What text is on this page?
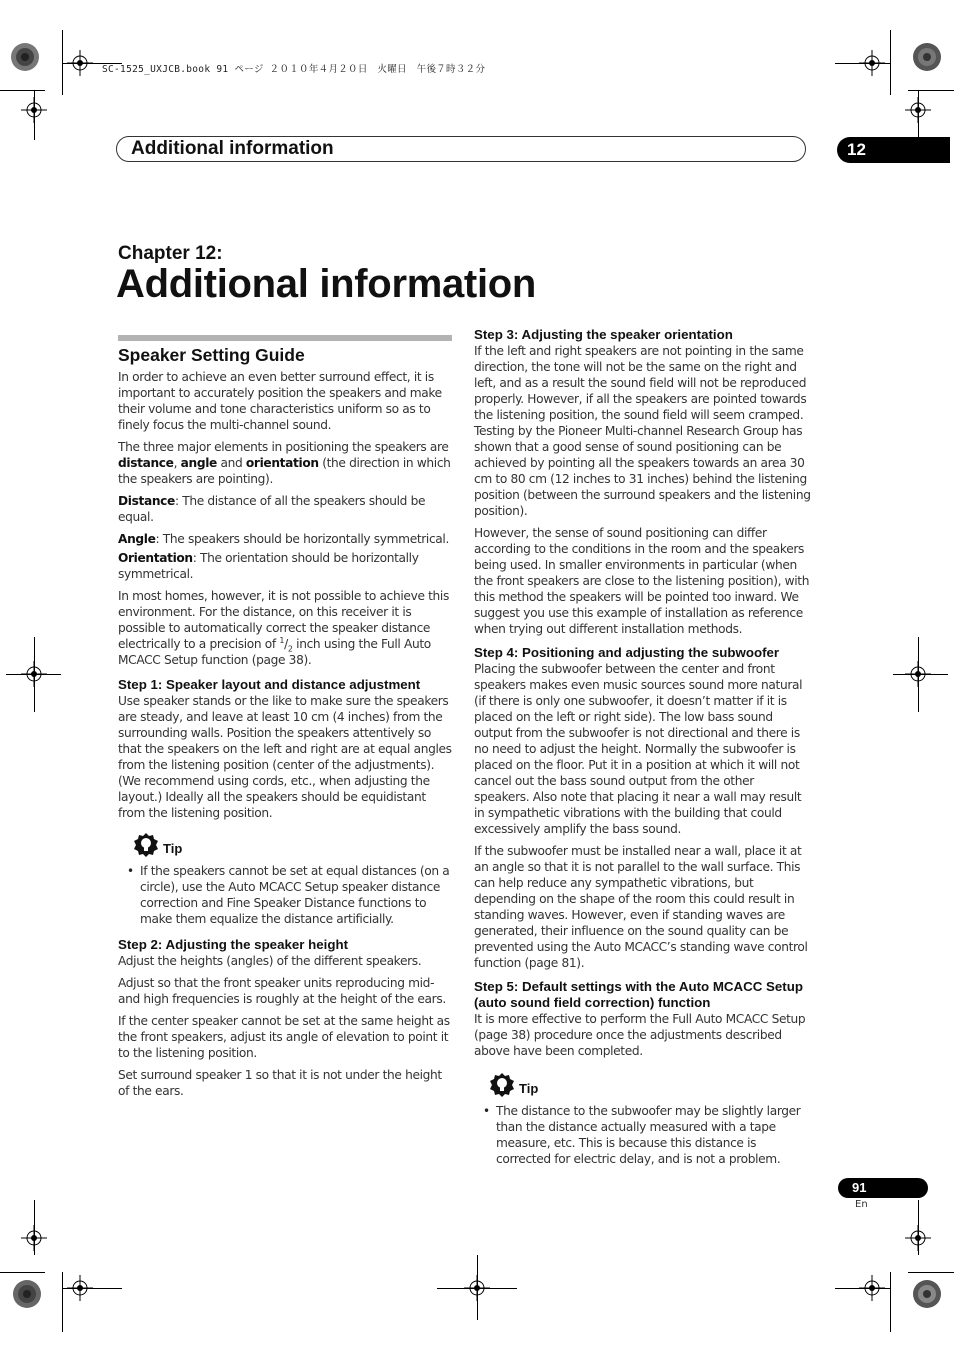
SC-1525_UXJCB.book 91 ページ ２０１０年４月２０日　火曜日　午後７時３２分
Additional information	12
Chapter 12:
Additional information
Speaker Setting Guide

In order to achieve an even better surround effect, it is important to accurately position the speakers and make their volume and tone characteristics uniform so as to finely focus the multi-channel sound.

The three major elements in positioning the speakers are distance, angle and orientation (the direction in which the speakers are pointing).

Distance: The distance of all the speakers should be equal.

Angle: The speakers should be horizontally symmetrical.

Orientation: The orientation should be horizontally symmetrical.

In most homes, however, it is not possible to achieve this environment. For the distance, on this receiver it is possible to automatically correct the speaker distance electrically to a precision of $^1/_2$ inch using the Full Auto MCACC Setup function (page 38).

Step 1: Speaker layout and distance adjustment

Use speaker stands or the like to make sure the speakers are steady, and leave at least 10 cm (4 inches) from the surrounding walls. Position the speakers attentively so that the speakers on the left and right are at equal angles from the listening position (center of the adjustments). (We recommend using cords, etc., when adjusting the layout.) Ideally all the speakers should be equidistant from the listening position.

Tip
• If the speakers cannot be set at equal distances (on a circle), use the Auto MCACC Setup speaker distance correction and Fine Speaker Distance functions to make them equalize the distance artificially.

Step 2: Adjusting the speaker height

Adjust the heights (angles) of the different speakers.

Adjust so that the front speaker units reproducing mid- and high frequencies is roughly at the height of the ears.

If the center speaker cannot be set at the same height as the front speakers, adjust its angle of elevation to point it to the listening position.

Set surround speaker 1 so that it is not under the height of the ears.

Step 3: Adjusting the speaker orientation

If the left and right speakers are not pointing in the same direction, the tone will not be the same on the right and left, and as a result the sound field will not be reproduced properly. However, if all the speakers are pointed towards the listening position, the sound field will seem cramped. Testing by the Pioneer Multi-channel Research Group has shown that a good sense of sound positioning can be achieved by pointing all the speakers towards an area 30 cm to 80 cm (12 inches to 31 inches) behind the listening position (between the surround speakers and the listening position).

However, the sense of sound positioning can differ according to the conditions in the room and the speakers being used. In smaller environments in particular (when the front speakers are close to the listening position), with this method the speakers will be pointed too inward. We suggest you use this example of installation as reference when trying out different installation methods.

Step 4: Positioning and adjusting the subwoofer

Placing the subwoofer between the center and front speakers makes even music sources sound more natural (if there is only one subwoofer, it doesn’t matter if it is placed on the left or right side). The low bass sound output from the subwoofer is not directional and there is no need to adjust the height. Normally the subwoofer is placed on the floor. Put it in a position at which it will not cancel out the bass sound output from the other speakers. Also note that placing it near a wall may result in sympathetic vibrations with the building that could excessively amplify the bass sound.

If the subwoofer must be installed near a wall, place it at an angle so that it is not parallel to the wall surface. This can help reduce any sympathetic vibrations, but depending on the shape of the room this could result in standing waves. However, even if standing waves are generated, their influence on the sound quality can be prevented using the Auto MCACC’s standing wave control function (page 81).

Step 5: Default settings with the Auto MCACC Setup (auto sound field correction) function

It is more effective to perform the Full Auto MCACC Setup (page 38) procedure once the adjustments described above have been completed.

Tip
• The distance to the subwoofer may be slightly larger than the distance actually measured with a tape measure, etc. This is because this distance is corrected for electric delay, and is not a problem.

91
En
